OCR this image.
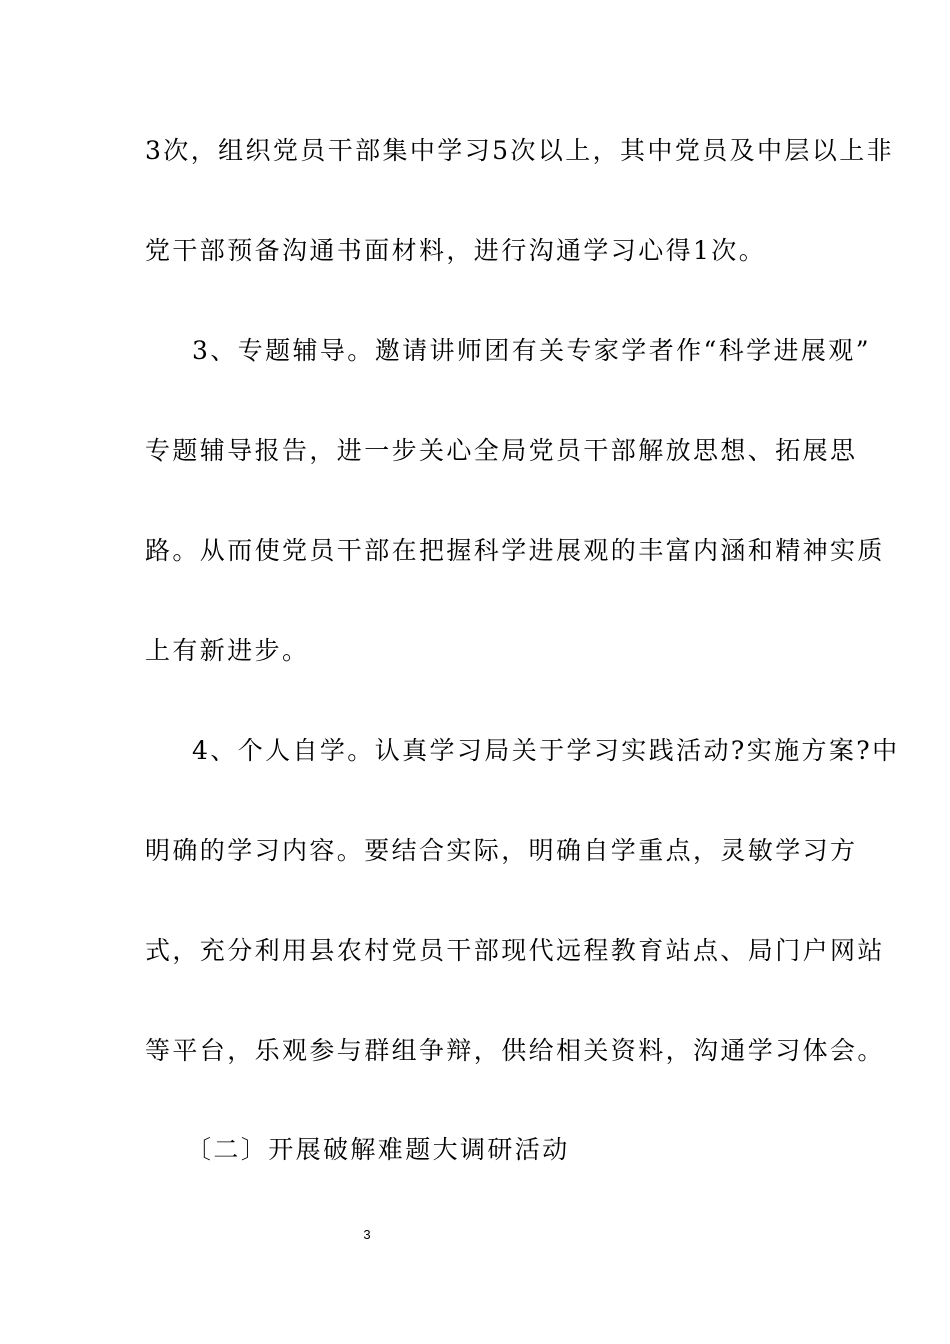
3次，组织党员干部集中学习5次以上，其中党员及中层以上非
党干部预备沟通书面材料，进行沟通学习心得1次。
3、专题辅导。邀请讲师团有关专家学者作“科学进展观”
专题辅导报告，进一步关心全局党员干部解放思想、拓展思
路。从而使党员干部在把握科学进展观的丰富内涵和精神实质
上有新进步。
4、个人自学。认真学习局关于学习实践活动?实施方案?中
明确的学习内容。要结合实际，明确自学重点，灵敏学习方
式，充分利用县农村党员干部现代远程教育站点、局门户网站
等平台，乐观参与群组争辩，供给相关资料，沟通学习体会。
〔二〕开展破解难题大调研活动
3
